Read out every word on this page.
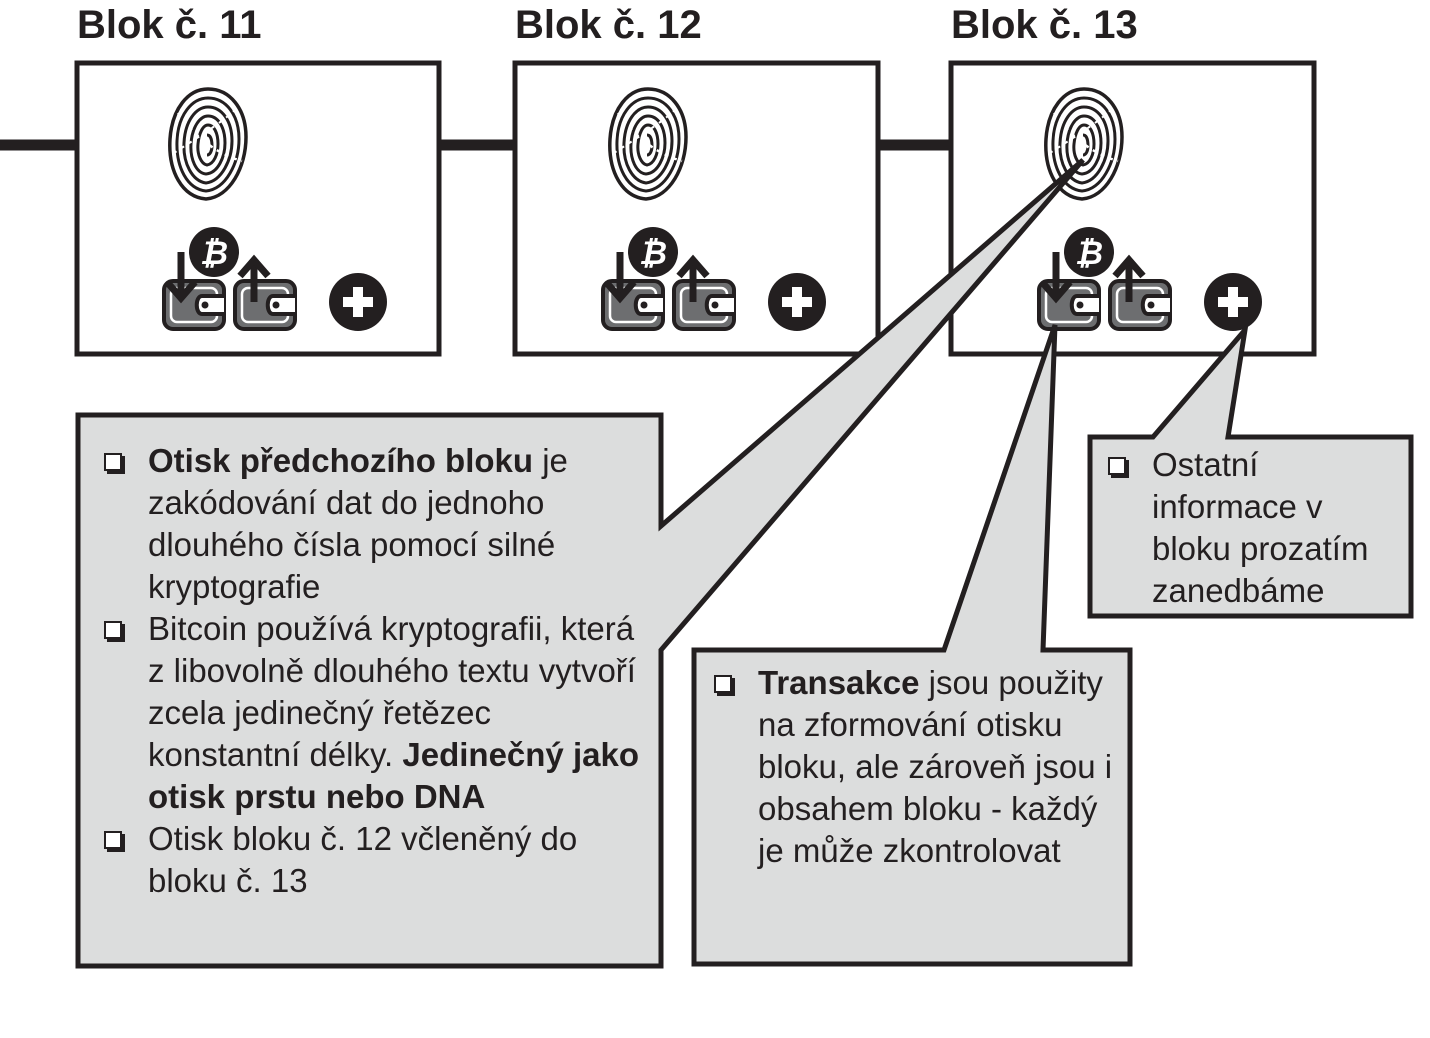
₿	₿	₿
Blok č. 11	Blok č. 12	Blok č. 13
Otisk předchozího bloku je zakódování dat do jednoho dlouhého čísla pomocí silné kryptografie
Bitcoin používá kryptografii, která z libovolně dlouhého textu vytvoří zcela jedinečný řetězec konstantní délky. Jedinečný jako otisk prstu nebo DNA
Otisk bloku č. 12 včleněný do bloku č. 13
Transakce jsou použity na zformování otisku bloku, ale zároveň jsou i obsahem bloku - každý je může zkontrolovat
Ostatní informace v bloku prozatím zanedbáme
